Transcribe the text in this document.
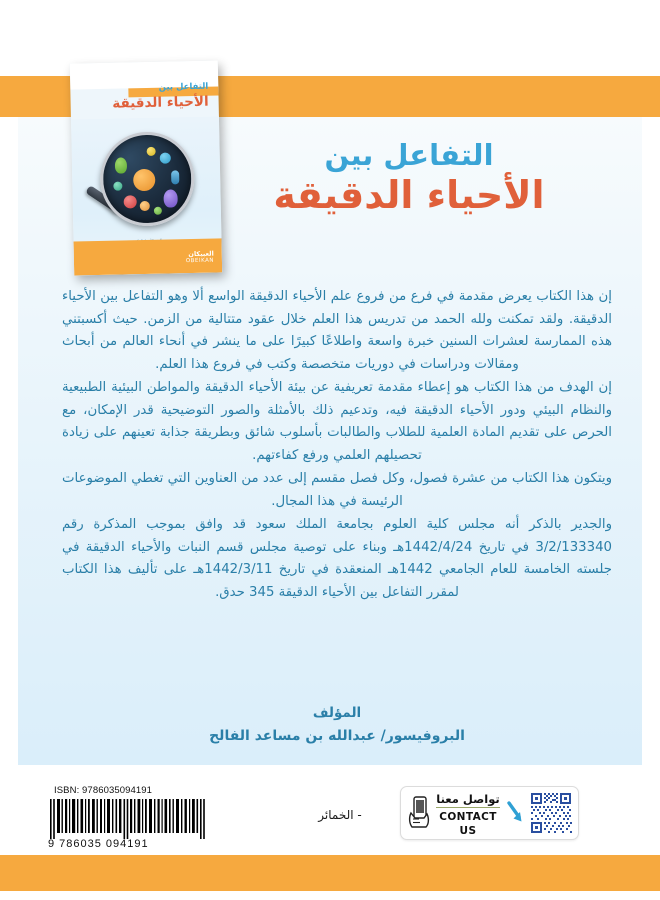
التفاعل بين
الأحياء الدقيقة
العبيكان
OBEIKAN
التفاعل بين
الأحياء الدقيقة

إن هذا الكتاب يعرض مقدمة في فرع من فروع علم الأحياء الدقيقة الواسع ألا وهو التفاعل بين الأحياء الدقيقة. ولقد تمكنت ولله الحمد من تدريس هذا العلم خلال عقود متتالية من الزمن. حيث أكسبتني هذه الممارسة لعشرات السنين خبرة واسعة واطلاعًا كبيرًا على ما ينشر في أنحاء العالم من أبحاث ومقالات ودراسات في دوريات متخصصة وكتب في فروع هذا العلم.

إن الهدف من هذا الكتاب هو إعطاء مقدمة تعريفية عن بيئة الأحياء الدقيقة والمواطن البيئية الطبيعية والنظام البيئي ودور الأحياء الدقيقة فيه، وتدعيم ذلك بالأمثلة والصور التوضيحية قدر الإمكان، مع الحرص على تقديم المادة العلمية للطلاب والطالبات بأسلوب شائق وبطريقة جذابة تعينهم على زيادة تحصيلهم العلمي ورفع كفاءتهم.

ويتكون هذا الكتاب من عشرة فصول، وكل فصل مقسم إلى عدد من العناوين التي تغطي الموضوعات الرئيسة في هذا المجال.

والجدير بالذكر أنه مجلس كلية العلوم بجامعة الملك سعود قد وافق بموجب المذكرة رقم 3/2/133340 في تاريخ 1442/4/24هـ وبناء على توصية مجلس قسم النبات والأحياء الدقيقة في جلسته الخامسة للعام الجامعي 1442هـ المنعقدة في تاريخ 1442/3/11هـ على تأليف هذا الكتاب لمقرر التفاعل بين الأحياء الدقيقة 345 حدق.

المؤلف
البروفيسور/ عبدالله بن مساعد الفالح
ISBN: 9786035094191
9 786035 094191
- الخمائر
تواصل معنا
CONTACT US
